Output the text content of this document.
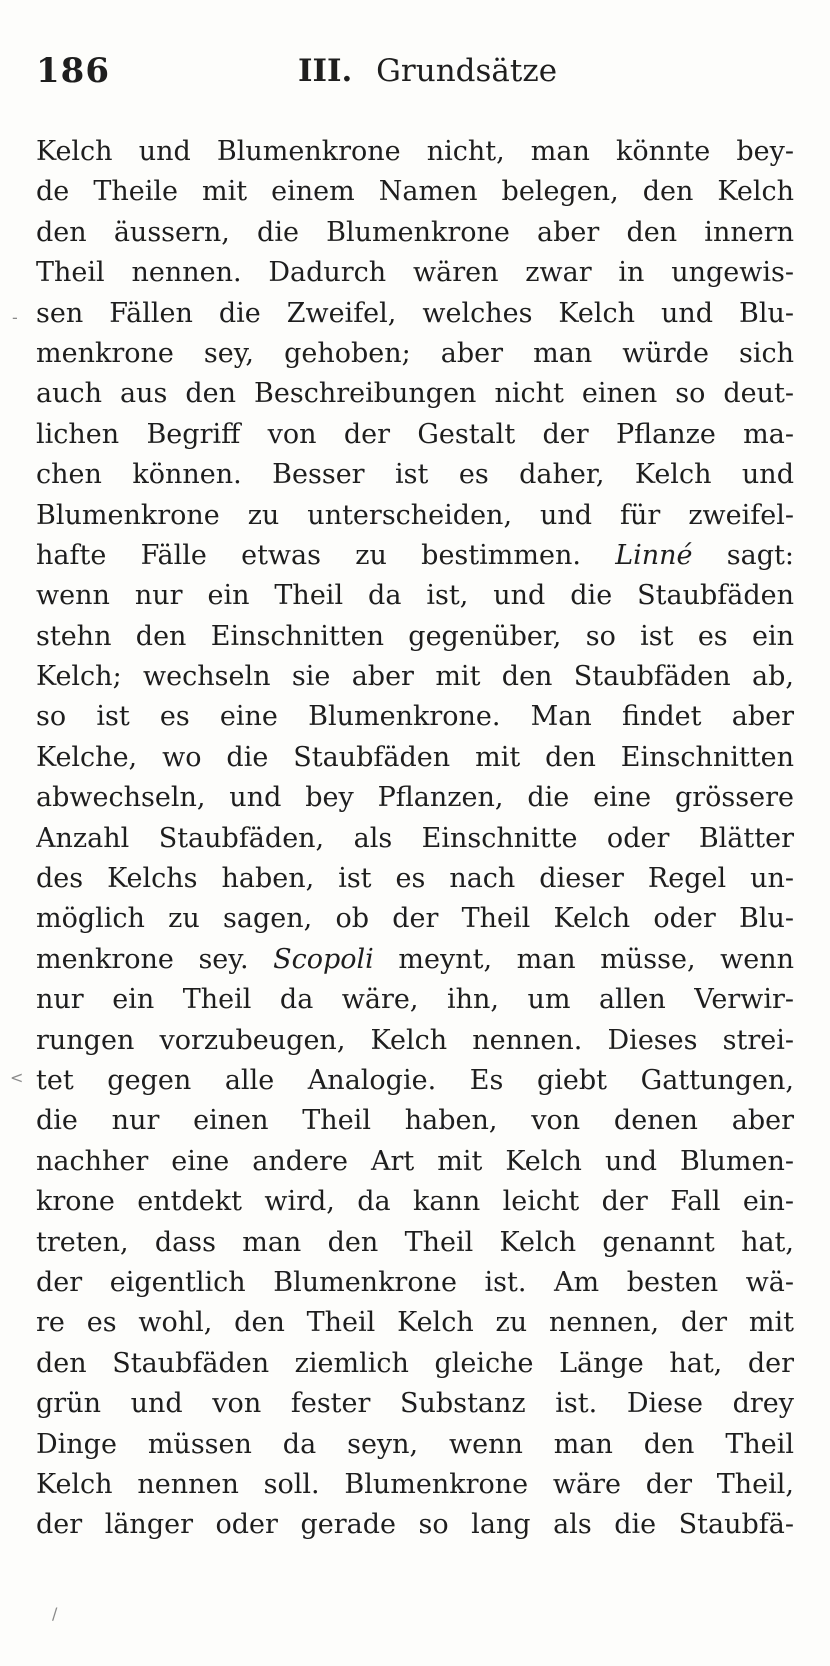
186	III. Grundsätze
Kelch und Blumenkrone nicht, man könnte bey-
de Theile mit einem Namen belegen, den Kelch
den äussern, die Blumenkrone aber den innern
Theil nennen. Dadurch wären zwar in ungewis-
sen Fällen die Zweifel, welches Kelch und Blu-
menkrone sey, gehoben; aber man würde sich
auch aus den Beschreibungen nicht einen so deut-
lichen Begriff von der Gestalt der Pflanze ma-
chen können. Besser ist es daher, Kelch und
Blumenkrone zu unterscheiden, und für zweifel-
hafte Fälle etwas zu bestimmen. Linné sagt:
wenn nur ein Theil da ist, und die Staubfäden
stehn den Einschnitten gegenüber, so ist es ein
Kelch; wechseln sie aber mit den Staubfäden ab,
so ist es eine Blumenkrone. Man findet aber
Kelche, wo die Staubfäden mit den Einschnitten
abwechseln, und bey Pflanzen, die eine grössere
Anzahl Staubfäden, als Einschnitte oder Blätter
des Kelchs haben, ist es nach dieser Regel un-
möglich zu sagen, ob der Theil Kelch oder Blu-
menkrone sey. Scopoli meynt, man müsse, wenn
nur ein Theil da wäre, ihn, um allen Verwir-
rungen vorzubeugen, Kelch nennen. Dieses strei-
tet gegen alle Analogie. Es giebt Gattungen,
die nur einen Theil haben, von denen aber
nachher eine andere Art mit Kelch und Blumen-
krone entdekt wird, da kann leicht der Fall ein-
treten, dass man den Theil Kelch genannt hat,
der eigentlich Blumenkrone ist. Am besten wä-
re es wohl, den Theil Kelch zu nennen, der mit
den Staubfäden ziemlich gleiche Länge hat, der
grün und von fester Substanz ist. Diese drey
Dinge müssen da seyn, wenn man den Theil
Kelch nennen soll. Blumenkrone wäre der Theil,
der länger oder gerade so lang als die Staubfä-
-
<
/
